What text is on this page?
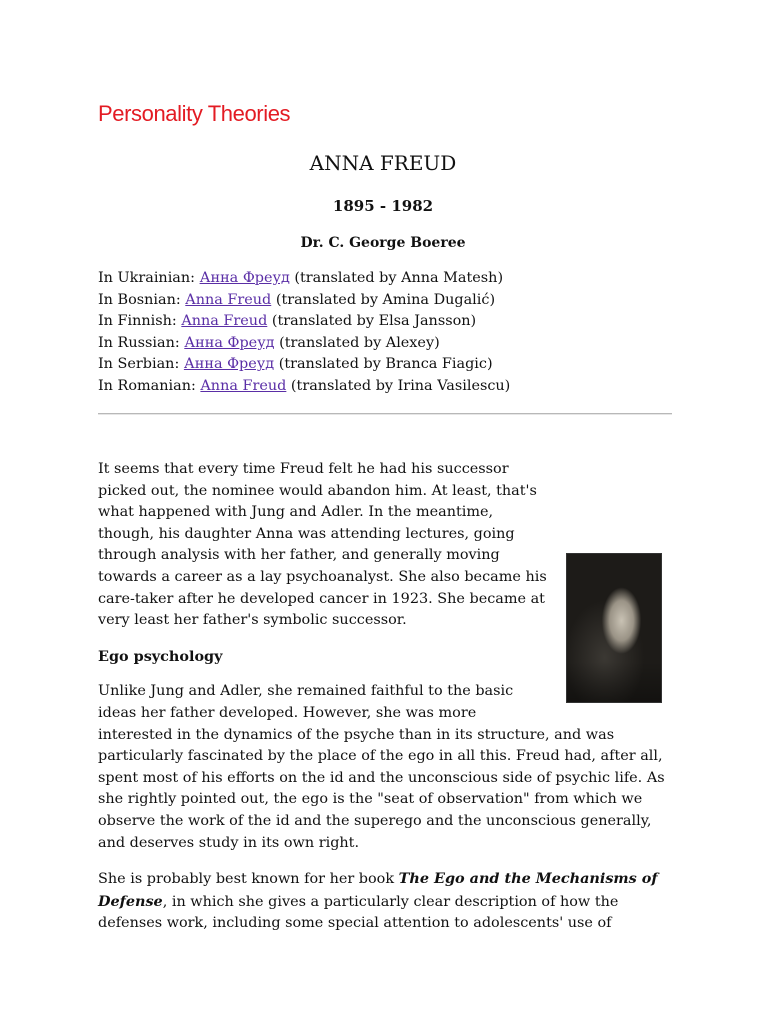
Personality Theories
ANNA FREUD
1895 - 1982
Dr. C. George Boeree
In Ukrainian: Анна Фреуд (translated by Anna Matesh)
In Bosnian: Anna Freud (translated by Amina Dugalić)
In Finnish: Anna Freud (translated by Elsa Jansson)
In Russian: Анна Фреуд (translated by Alexey)
In Serbian: Анна Фреуд (translated by Branca Fiagic)
In Romanian: Anna Freud (translated by Irina Vasilescu)

It seems that every time Freud felt he had his successor picked out, the nominee would abandon him. At least, that's what happened with Jung and Adler. In the meantime, though, his daughter Anna was attending lectures, going through analysis with her father, and generally moving towards a career as a lay psychoanalyst. She also became his care-taker after he developed cancer in 1923. She became at very least her father's symbolic successor.

Ego psychology

Unlike Jung and Adler, she remained faithful to the basic ideas her father developed. However, she was more interested in the dynamics of the psyche than in its structure, and was particularly fascinated by the place of the ego in all this. Freud had, after all, spent most of his efforts on the id and the unconscious side of psychic life. As she rightly pointed out, the ego is the "seat of observation" from which we observe the work of the id and the superego and the unconscious generally, and deserves study in its own right.

She is probably best known for her book The Ego and the Mechanisms of Defense, in which she gives a particularly clear description of how the defenses work, including some special attention to adolescents' use of
